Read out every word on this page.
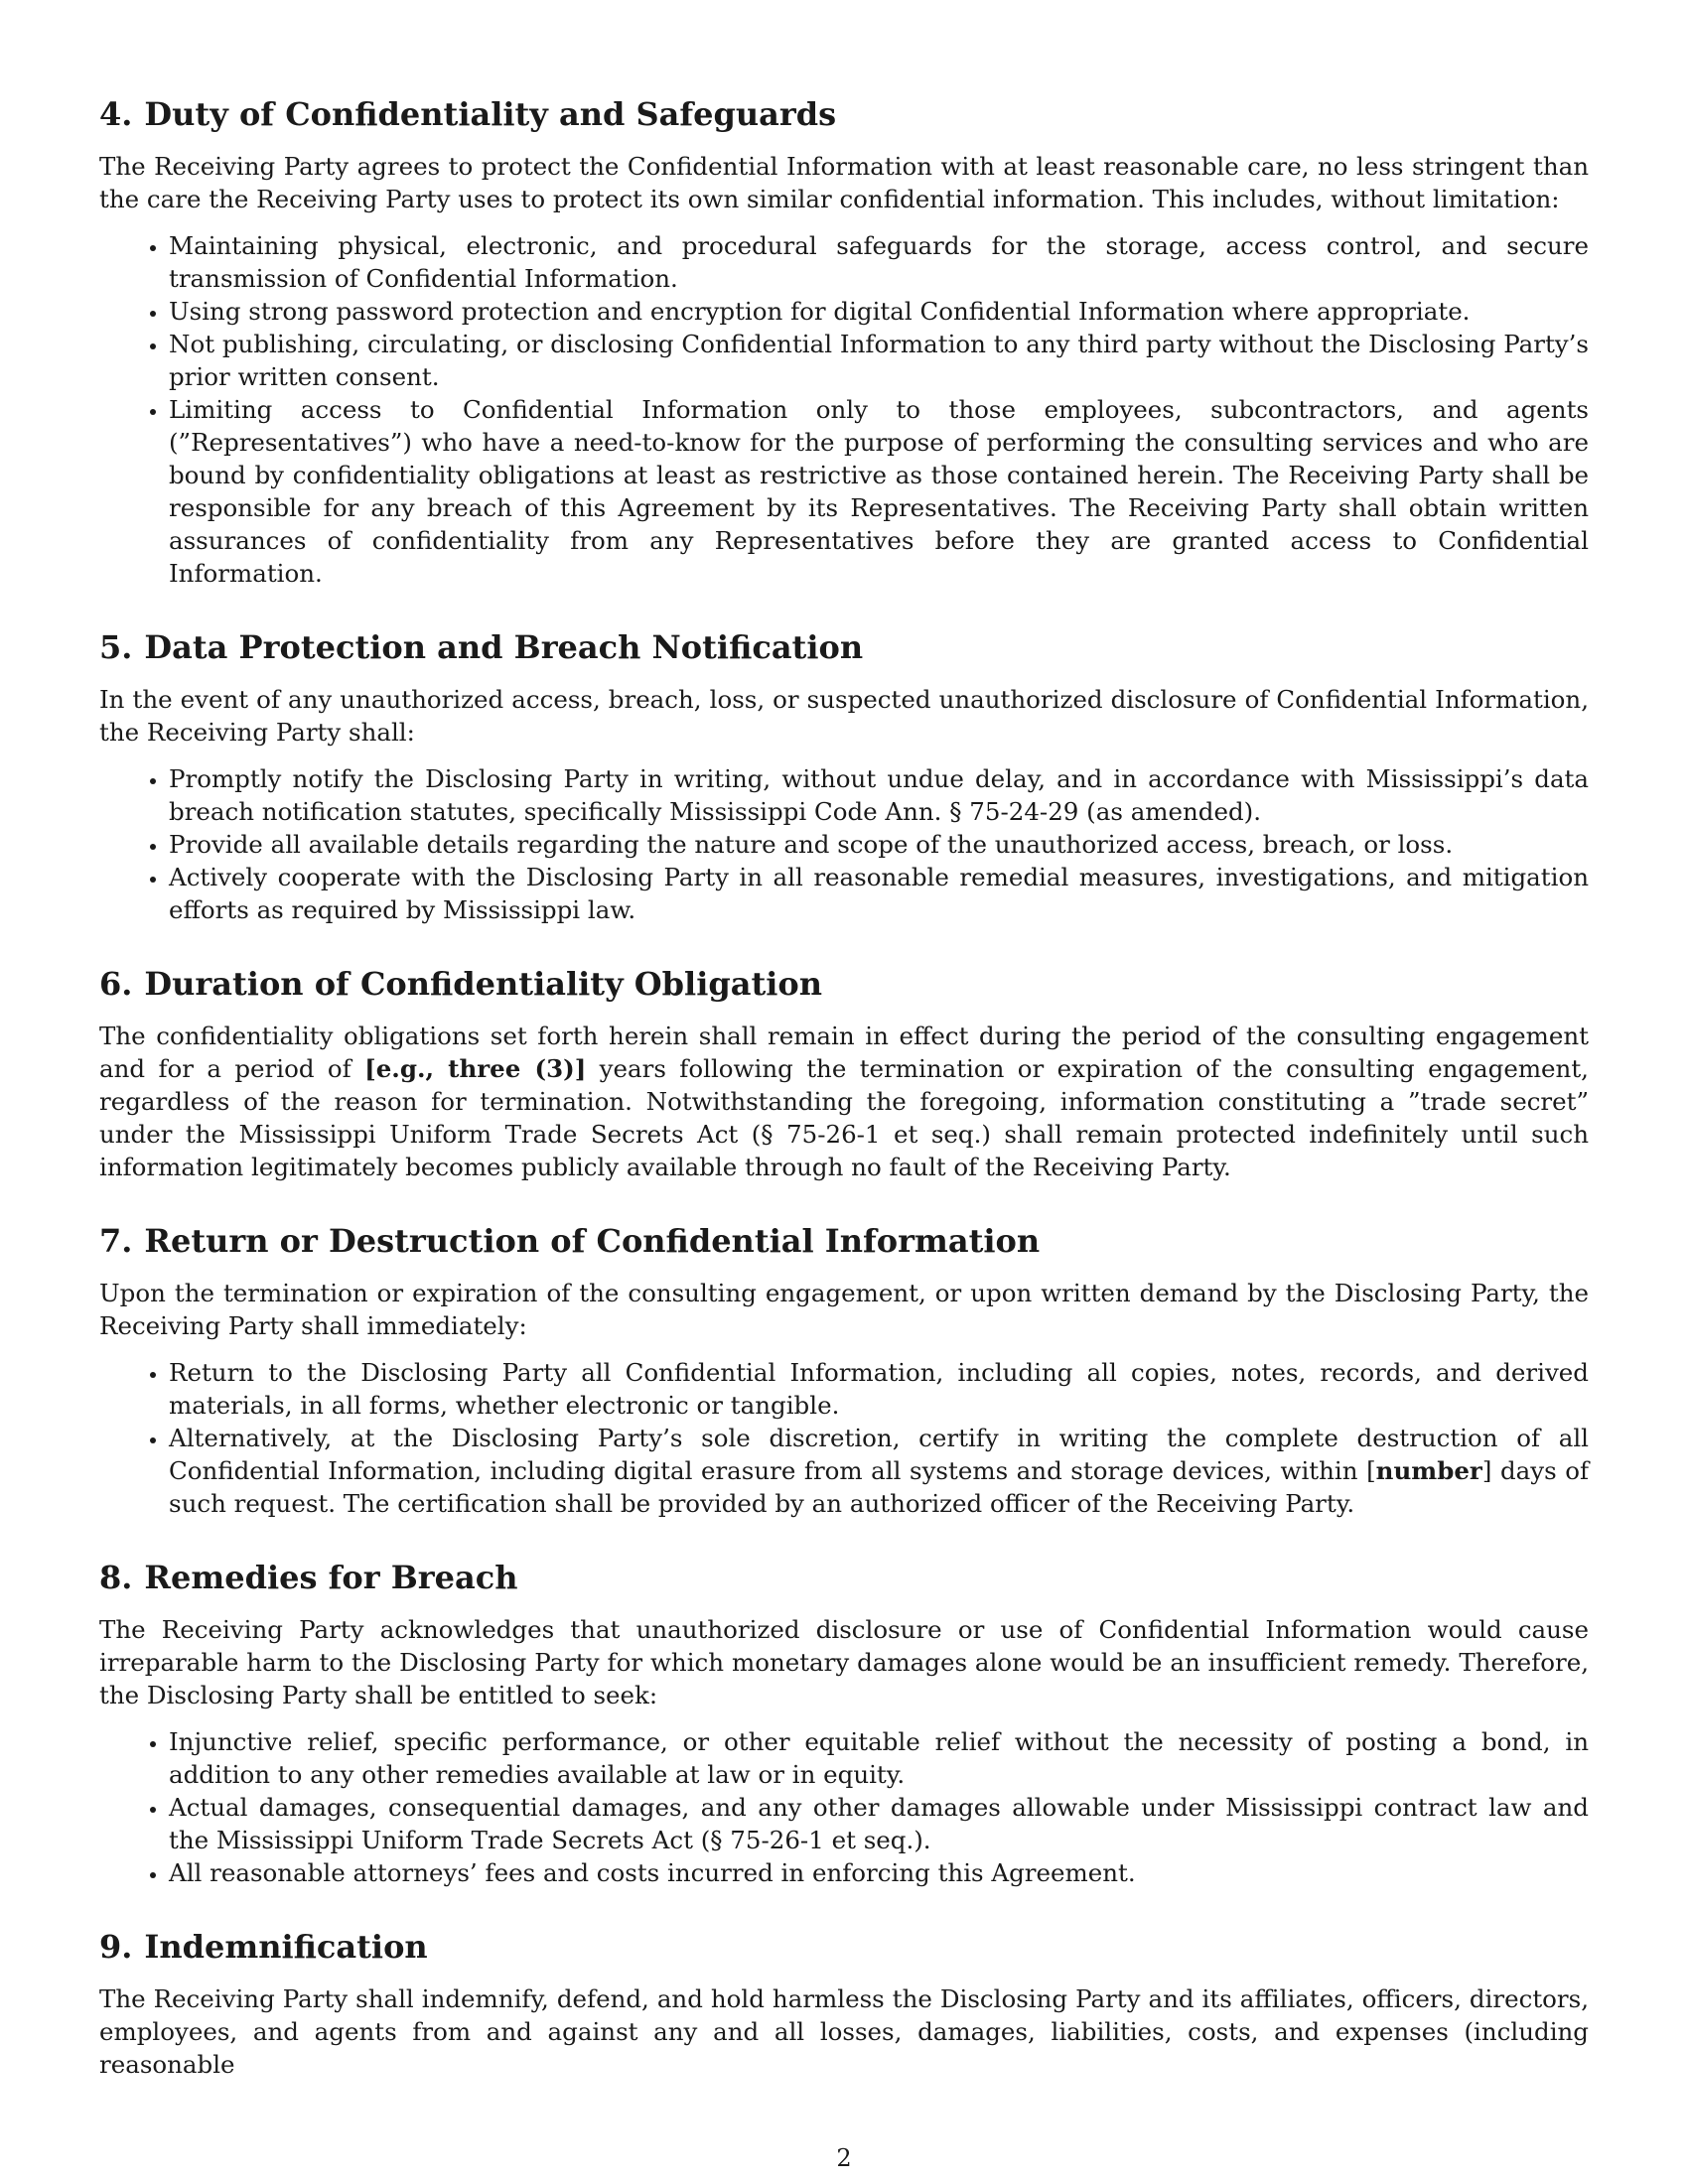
4. Duty of Confidentiality and Safeguards

The Receiving Party agrees to protect the Confidential Information with at least reasonable care, no less stringent than the care the Receiving Party uses to protect its own similar confidential information. This includes, without limitation:

• Maintaining physical, electronic, and procedural safeguards for the storage, access control, and secure transmission of Confidential Information.
• Using strong password protection and encryption for digital Confidential Information where appropriate.
• Not publishing, circulating, or disclosing Confidential Information to any third party without the Disclosing Party’s prior written consent.
• Limiting access to Confidential Information only to those employees, subcontractors, and agents (”Representatives”) who have a need-to-know for the purpose of performing the consulting services and who are bound by confidentiality obligations at least as restrictive as those contained herein. The Receiving Party shall be responsible for any breach of this Agreement by its Representatives. The Receiving Party shall obtain written assurances of confidentiality from any Representatives before they are granted access to Confidential Information.
5. Data Protection and Breach Notification

In the event of any unauthorized access, breach, loss, or suspected unauthorized disclosure of Confidential Information, the Receiving Party shall:

• Promptly notify the Disclosing Party in writing, without undue delay, and in accordance with Mississippi’s data breach notification statutes, specifically Mississippi Code Ann. § 75-24-29 (as amended).
• Provide all available details regarding the nature and scope of the unauthorized access, breach, or loss.
• Actively cooperate with the Disclosing Party in all reasonable remedial measures, investigations, and mitigation efforts as required by Mississippi law.
6. Duration of Confidentiality Obligation

The confidentiality obligations set forth herein shall remain in effect during the period of the consulting engagement and for a period of [e.g., three (3)] years following the termination or expiration of the consulting engagement, regardless of the reason for termination. Notwithstanding the foregoing, information constituting a ”trade secret” under the Mississippi Uniform Trade Secrets Act (§ 75-26-1 et seq.) shall remain protected indefinitely until such information legitimately becomes publicly available through no fault of the Receiving Party.

7. Return or Destruction of Confidential Information

Upon the termination or expiration of the consulting engagement, or upon written demand by the Disclosing Party, the Receiving Party shall immediately:

• Return to the Disclosing Party all Confidential Information, including all copies, notes, records, and derived materials, in all forms, whether electronic or tangible.
• Alternatively, at the Disclosing Party’s sole discretion, certify in writing the complete destruction of all Confidential Information, including digital erasure from all systems and storage devices, within [number] days of such request. The certification shall be provided by an authorized officer of the Receiving Party.
8. Remedies for Breach

The Receiving Party acknowledges that unauthorized disclosure or use of Confidential Information would cause irreparable harm to the Disclosing Party for which monetary damages alone would be an insufficient remedy. Therefore, the Disclosing Party shall be entitled to seek:

• Injunctive relief, specific performance, or other equitable relief without the necessity of posting a bond, in addition to any other remedies available at law or in equity.
• Actual damages, consequential damages, and any other damages allowable under Mississippi contract law and the Mississippi Uniform Trade Secrets Act (§ 75-26-1 et seq.).
• All reasonable attorneys’ fees and costs incurred in enforcing this Agreement.
9. Indemnification

The Receiving Party shall indemnify, defend, and hold harmless the Disclosing Party and its affiliates, officers, directors, employees, and agents from and against any and all losses, damages, liabilities, costs, and expenses (including reasonable

2
